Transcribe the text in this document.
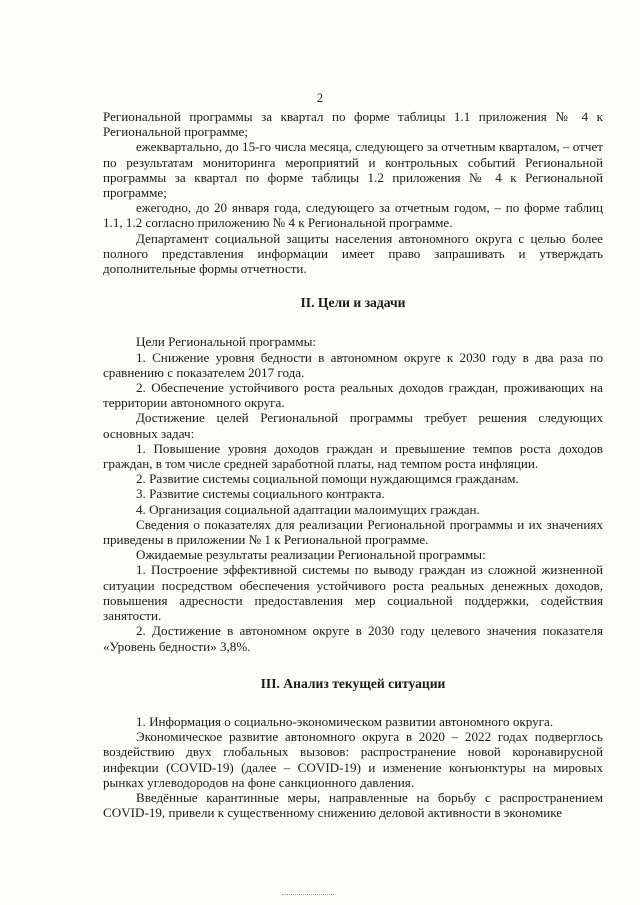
2

Региональной программы за квартал по форме таблицы 1.1 приложения № 4 к Региональной программе;

ежеквартально, до 15-го числа месяца, следующего за отчетным кварталом, – отчет по результатам мониторинга мероприятий и контрольных событий Региональной программы за квартал по форме таблицы 1.2 приложения № 4 к Региональной программе;

ежегодно, до 20 января года, следующего за отчетным годом, – по форме таблиц 1.1, 1.2 согласно приложению № 4 к Региональной программе.

Департамент социальной защиты населения автономного округа с целью более полного представления информации имеет право запрашивать и утверждать дополнительные формы отчетности.

II. Цели и задачи

Цели Региональной программы:

1. Снижение уровня бедности в автономном округе к 2030 году в два раза по сравнению с показателем 2017 года.

2. Обеспечение устойчивого роста реальных доходов граждан, проживающих на территории автономного округа.

Достижение целей Региональной программы требует решения следующих основных задач:

1. Повышение уровня доходов граждан и превышение темпов роста доходов граждан, в том числе средней заработной платы, над темпом роста инфляции.

2. Развитие системы социальной помощи нуждающимся гражданам.

3. Развитие системы социального контракта.

4. Организация социальной адаптации малоимущих граждан.

Сведения о показателях для реализации Региональной программы и их значениях приведены в приложении № 1 к Региональной программе.

Ожидаемые результаты реализации Региональной программы:

1. Построение эффективной системы по выводу граждан из сложной жизненной ситуации посредством обеспечения устойчивого роста реальных денежных доходов, повышения адресности предоставления мер социальной поддержки, содействия занятости.

2. Достижение в автономном округе в 2030 году целевого значения показателя «Уровень бедности» 3,8%.

III. Анализ текущей ситуации

1. Информация о социально-экономическом развитии автономного округа.

Экономическое развитие автономного округа в 2020 – 2022 годах подверглось воздействию двух глобальных вызовов: распространение новой коронавирусной инфекции (COVID-19) (далее – COVID-19) и изменение конъюнктуры на мировых рынках углеводородов на фоне санкционного давления.

Введённые карантинные меры, направленные на борьбу с распространением COVID-19, привели к существенному снижению деловой активности в экономике
